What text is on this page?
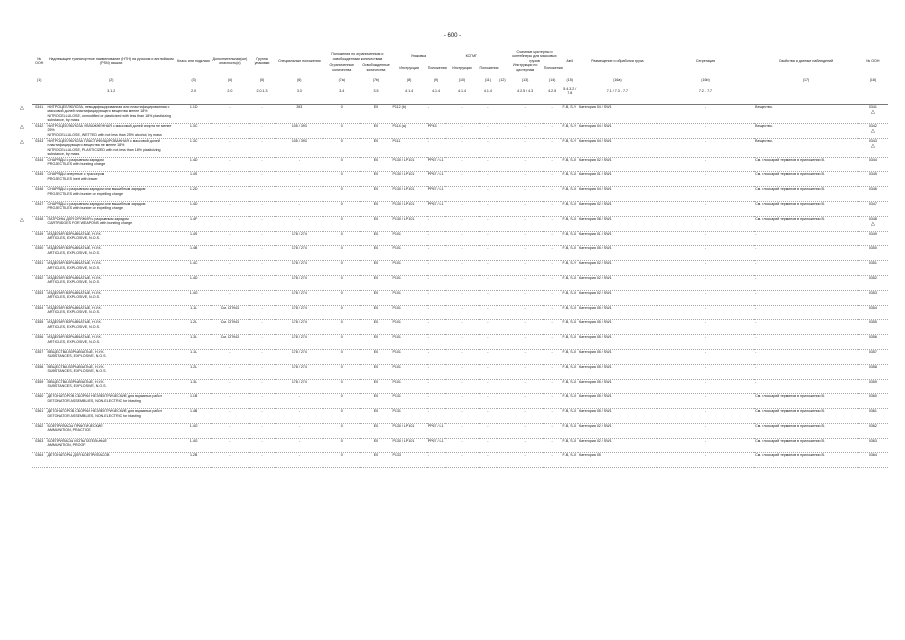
- 600 -
№ ООН	Надлежащее транспортное наименование (НТН) на русском и английском (PSN) языках	Класс или подкласс	Дополнительная(ые) опасность(и)	Группа упаковки	Специальные положения	Положения по ограниченным и освобожденным количествам		Упаковка		КСГМГ			Съемные цистерны и контейнеры для массовых грузов		АвЧ	Размещение и обработка груза	Сегрегация	Свойства и данные наблюдений	№ ООН
						Ограниченные количества	Освобожденные количества	Инструкции	Положения	Инструкции	Положения		Инструкции по цистернам	Положения					
(1)	(2)	(3)	(4)	(5)	(6)	(7a)	(7b)	(8)	(9)	(10)	(11)	(12)	(13)	(14)	(15)	(16a)	(16b)	(17)	(18)
	3.1.2	2.0	2.0	2.0.1.3	3.3	3.4	3.5	4.1.4	4.1.4	4.1.4	4.1.4		4.2.5 / 4.3	4.2.5	5.4.3.2 / 7.8	7.1 / 7.3 - 7.7	7.2 - 7.7		

△ 0341	НИТРОЦЕЛЛЮЛОЗА, немодифицированная или пластифицированная с массовой долей пластифицирующего вещества менее 18%
NITROCELLULOSE, unmodified or plasticized with less than 18% plasticizing substance, by mass	1.1D	-	-	393	0	E0	P112 (b)	-	-	-		-	-	F-B, S-Y	Категория 04 / SW1	-	Вещество.	0341
△

△ 0342	НИТРОЦЕЛЛЮЛОЗА УВЛАЖНЕННАЯ с массовой долей спирта не менее 25%
NITROCELLULOSE, WETTED with not less than 25% alcohol, by mass	1.3C	-	-	105 / 393	0	E0	P114 (a)	PP43	-	-		-	-	F-B, S-Y	Категория 04 / SW1	-	Вещество.	0342
△

△ 0343	НИТРОЦЕЛЛЮЛОЗА ПЛАСТИФИЦИРОВАННАЯ с массовой долей пластифицирующего вещества не менее 18%
NITROCELLULOSE, PLASTICIZED with not less than 18% plasticizing substance, by mass	1.3C	-	-	105 / 393	0	E0	P111	-	-	-		-	-	F-B, S-Y	Категория 04 / SW1	-	Вещество.	0343
△

0344	СНАРЯДЫ с разрывным зарядом
PROJECTILES with bursting charge	1.4D	-	-	-	0	E0	P130 / LP101	PP67 / L1	-	-		-	-	F-B, S-X	Категория 02 / SW1	-	См. глоссарий терминов в приложении В.	0344
0345	СНАРЯДЫ инертные с трассером
PROJECTILES inert with tracer	1.4S	-	-	-	0	E0	P130 / LP101	PP67 / L1	-	-		-	-	F-B, S-X	Категория 01 / SW1	-	См. глоссарий терминов в приложении В.	0345
0346	СНАРЯДЫ с разрывным зарядом или вышибным зарядом
PROJECTILES with burster or expelling charge	1.2D	-	-	-	0	E0	P130 / LP101	PP67 / L1	-	-		-	-	F-B, S-X	Категория 04 / SW1	-	См. глоссарий терминов в приложении В.	0346
0347	СНАРЯДЫ с разрывным зарядом или вышибным зарядом
PROJECTILES with burster or expelling charge	1.4D	-	-	-	0	E0	P130 / LP101	PP67 / L1	-	-		-	-	F-B, S-X	Категория 02 / SW1	-	См. глоссарий терминов в приложении В.	0347

△ 0348	ПАТРОНЫ ДЛЯ ОРУЖИЯ с разрывным зарядом
CARTRIDGES FOR WEAPONS with bursting charge	1.4F	-	-	-	0	E0	P130 / LP101	-	-	-		-	-	F-B, S-X	Категория 08 / SW1	-	См. глоссарий терминов в приложении В.	0348
△

0349	ИЗДЕЛИЯ ВЗРЫВЧАТЫЕ, Н.У.К.
ARTICLES, EXPLOSIVE, N.O.S.	1.4S	-	-	178 / 274	0	E0	P101	-	-	-		-	-	F-B, S-X	Категория 01 / SW1	-	-	0349
0350	ИЗДЕЛИЯ ВЗРЫВЧАТЫЕ, Н.У.К.
ARTICLES, EXPLOSIVE, N.O.S.	1.4B	-	-	178 / 274	0	E0	P101	-	-	-		-	-	F-B, S-X	Категория 05 / SW1	-	-	0350
0351	ИЗДЕЛИЯ ВЗРЫВЧАТЫЕ, Н.У.К.
ARTICLES, EXPLOSIVE, N.O.S.	1.4C	-	-	178 / 274	0	E0	P101	-	-	-		-	-	F-B, S-Y	Категория 02 / SW1	-	-	0351
0352	ИЗДЕЛИЯ ВЗРЫВЧАТЫЕ, Н.У.К.
ARTICLES, EXPLOSIVE, N.O.S.	1.4D	-	-	178 / 274	0	E0	P101	-	-	-		-	-	F-B, S-X	Категория 02 / SW1	-	-	0352
0353	ИЗДЕЛИЯ ВЗРЫВЧАТЫЕ, Н.У.К.
ARTICLES, EXPLOSIVE, N.O.S.	1.4G	-	-	178 / 274	0	E0	P101	-	-	-		-	-	F-B, S-X	Категория 02 / SW1	-	-	0353
0354	ИЗДЕЛИЯ ВЗРЫВЧАТЫЕ, Н.У.К.
ARTICLES, EXPLOSIVE, N.O.S.	1.1L	См. СП943	-	178 / 274	0	E0	P101	-	-	-		-	-	F-B, S-X	Категория 05 / SW1	-	-	0354
0355	ИЗДЕЛИЯ ВЗРЫВЧАТЫЕ, Н.У.К.
ARTICLES, EXPLOSIVE, N.O.S.	1.2L	См. СП943	-	178 / 274	0	E0	P101	-	-	-		-	-	F-B, S-X	Категория 05 / SW1	-	-	0355
0356	ИЗДЕЛИЯ ВЗРЫВЧАТЫЕ, Н.У.К.
ARTICLES, EXPLOSIVE, N.O.S.	1.3L	См. СП943	-	178 / 274	0	E0	P101	-	-	-		-	-	F-B, S-X	Категория 05 / SW1	-	-	0356
0357	ВЕЩЕСТВА ВЗРЫВЧАТЫЕ, Н.У.К.
SUBSTANCES, EXPLOSIVE, N.O.S.	1.1L	-	-	178 / 274	0	E0	P101	-	-	-		-	-	F-B, S-X	Категория 05 / SW1	-	-	0357
0358	ВЕЩЕСТВА ВЗРЫВЧАТЫЕ, Н.У.К.
SUBSTANCES, EXPLOSIVE, N.O.S.	1.2L	-	-	178 / 274	0	E0	P101	-	-	-		-	-	F-B, S-X	Категория 05 / SW1	-	-	0358
0359	ВЕЩЕСТВА ВЗРЫВЧАТЫЕ, Н.У.К.
SUBSTANCES, EXPLOSIVE, N.O.S.	1.3L	-	-	178 / 274	0	E0	P101	-	-	-		-	-	F-B, S-X	Категория 05 / SW1	-	-	0359
0360	ДЕТОНАТОРОВ СБОРКИ НЕЭЛЕКТРИЧЕСКИЕ для взрывных работ
DETONATOR ASSEMBLIES, NON-ELECTRIC for blasting	1.1B	-	-	-	0	E0	P131	-	-	-		-	-	F-B, S-X	Категория 05 / SW1	-	См. глоссарий терминов в приложении В.	0360
0361	ДЕТОНАТОРОВ СБОРКИ НЕЭЛЕКТРИЧЕСКИЕ для взрывных работ
DETONATOR ASSEMBLIES, NON-ELECTRIC for blasting	1.4B	-	-	-	0	E0	P131	-	-	-		-	-	F-B, S-X	Категория 05 / SW1	-	См. глоссарий терминов в приложении В.	0361
0362	БОЕПРИПАСЫ ПРАКТИЧЕСКИЕ
AMMUNITION, PRACTICE	1.4G	-	-	-	0	E0	P130 / LP101	PP67 / L1	-	-		-	-	F-B, S-X	Категория 02 / SW1	-	См. глоссарий терминов в приложении В.	0362
0363	БОЕПРИПАСЫ ИСПЫТАТЕЛЬНЫЕ
AMMUNITION, PROOF	1.4G	-	-	-	0	E0	P130 / LP101	PP67 / L1	-	-		-	-	F-B, S-X	Категория 02 / SW1	-	См. глоссарий терминов в приложении В.	0363
0364	ДЕТОНАТОРЫ ДЛЯ БОЕПРИПАСОВ	1.2B	-	-	-	0	E0	P133	-	-	-		-	-	F-B, S-X	Категория 05	-	См. глоссарий терминов в приложении В.	0364
